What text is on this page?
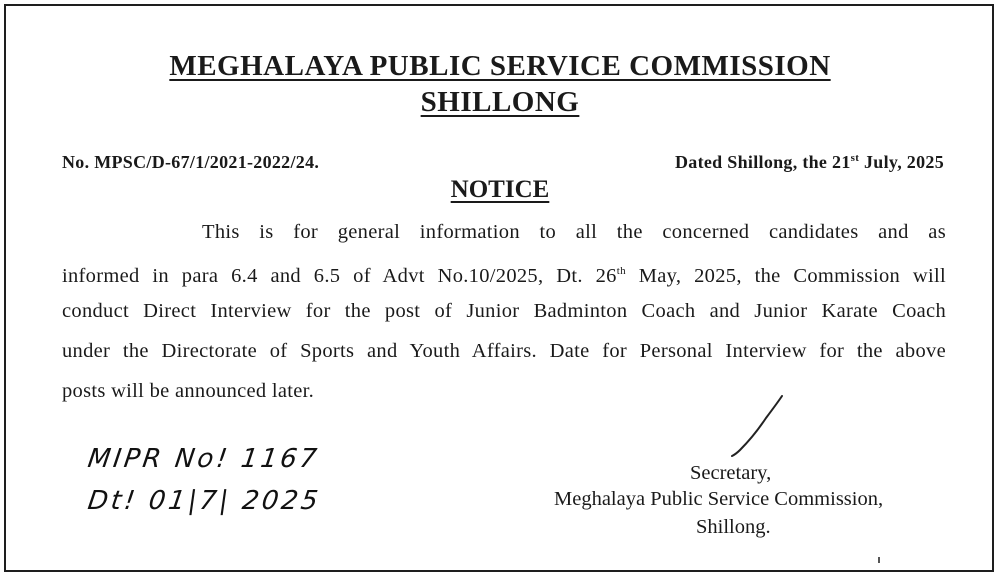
MEGHALAYA PUBLIC SERVICE COMMISSION
SHILLONG
No. MPSC/D-67/1/2021-2022/24.	Dated Shillong, the 21st July, 2025
NOTICE
This is for general information to all the concerned candidates and as
informed in para 6.4 and 6.5 of Advt No.10/2025, Dt. 26th May, 2025, the Commission will
conduct Direct Interview for the post of Junior Badminton Coach and Junior Karate Coach
under the Directorate of Sports and Youth Affairs. Date for Personal Interview for the above
posts will be announced later.
Secretary,
Meghalaya Public Service Commission,
Shillong.
MIPR No! 1167
Dt! 01|7| 2025
